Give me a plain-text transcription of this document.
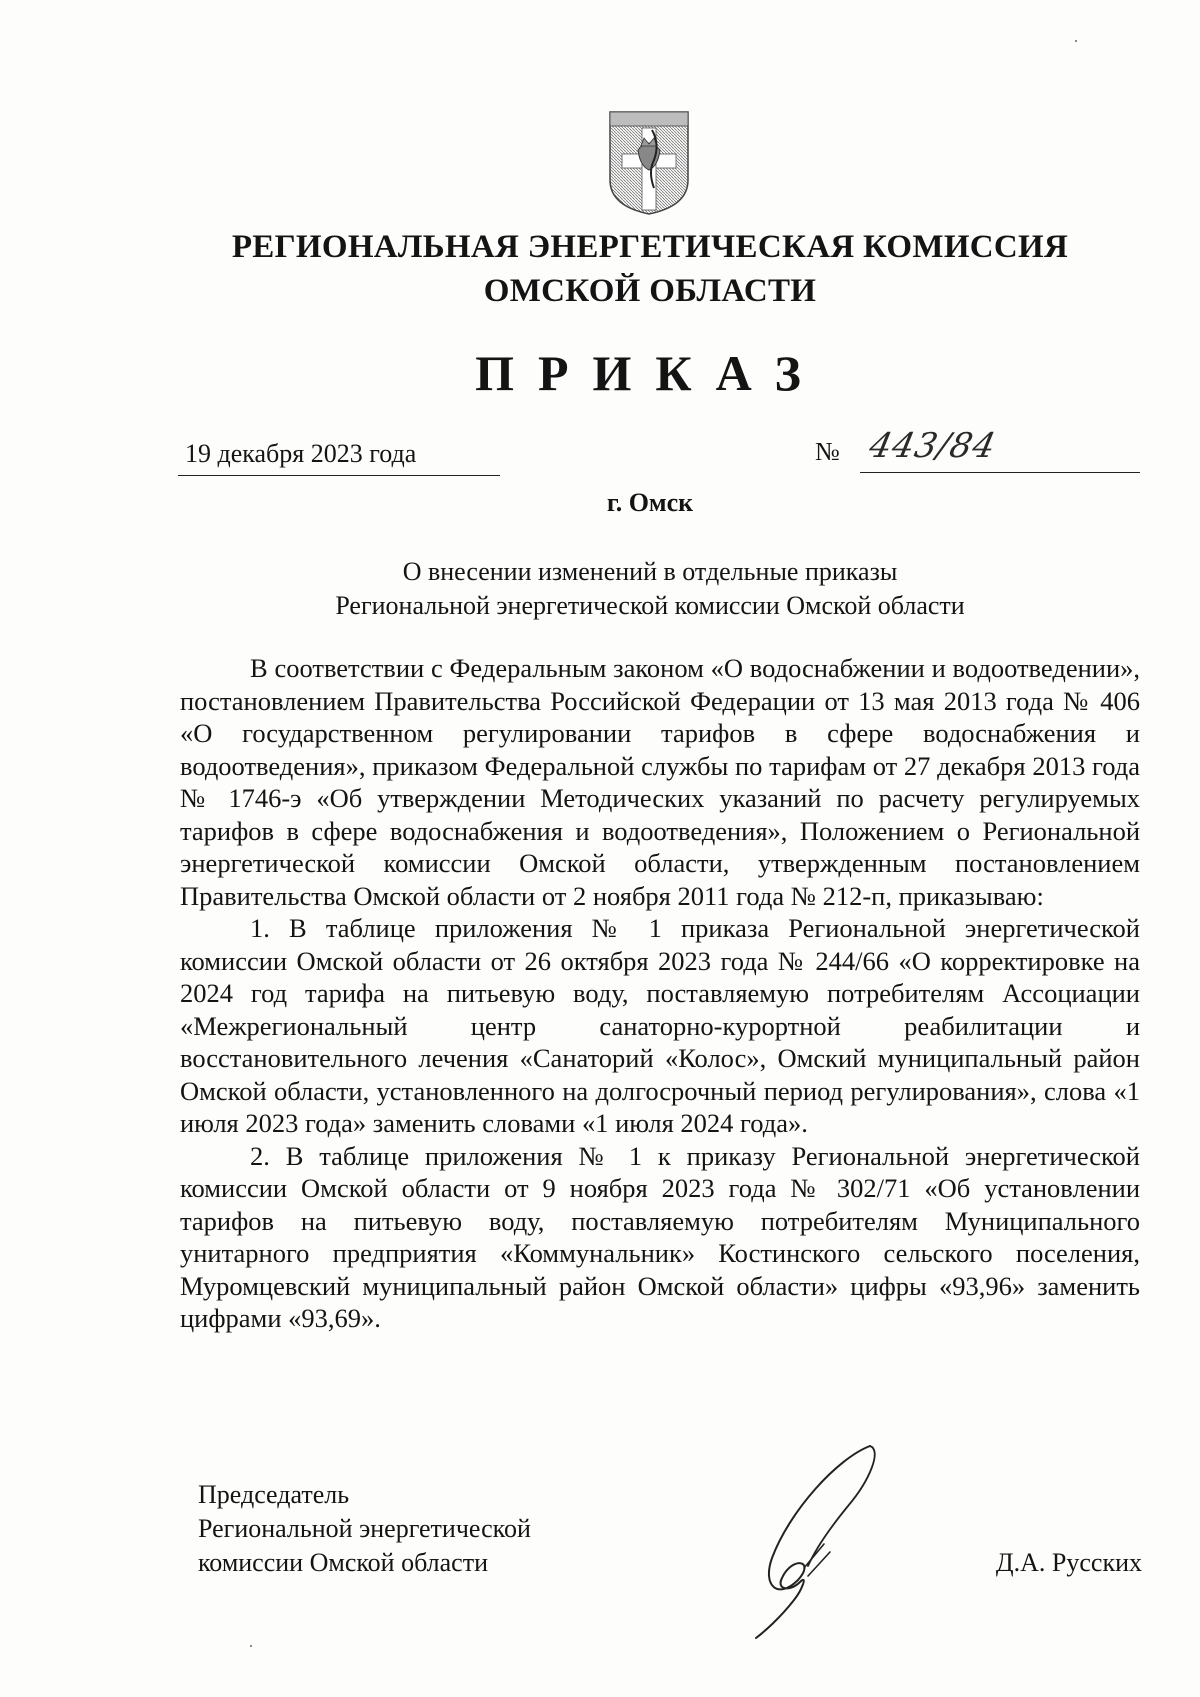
РЕГИОНАЛЬНАЯ ЭНЕРГЕТИЧЕСКАЯ КОМИССИЯ
ОМСКОЙ ОБЛАСТИ
ПРИКАЗ
19 декабря 2023 года	№ 443/84
г. Омск
О внесении изменений в отдельные приказы
Региональной энергетической комиссии Омской области

В соответствии с Федеральным законом «О водоснабжении и водоотведении», постановлением Правительства Российской Федерации от 13 мая 2013 года № 406 «О государственном регулировании тарифов в сфере водоснабжения и водоотведения», приказом Федеральной службы по тарифам от 27 декабря 2013 года № 1746-э «Об утверждении Методических указаний по расчету регулируемых тарифов в сфере водоснабжения и водоотведения», Положением о Региональной энергетической комиссии Омской области, утвержденным постановлением Правительства Омской области от 2 ноября 2011 года № 212-п, приказываю:

1. В таблице приложения № 1 приказа Региональной энергетической комиссии Омской области от 26 октября 2023 года № 244/66 «О корректировке на 2024 год тарифа на питьевую воду, поставляемую потребителям Ассоциации «Межрегиональный центр санаторно-курортной реабилитации и восстановительного лечения «Санаторий «Колос», Омский муниципальный район Омской области, установленного на долгосрочный период регулирования», слова «1 июля 2023 года» заменить словами «1 июля 2024 года».

2. В таблице приложения № 1 к приказу Региональной энергетической комиссии Омской области от 9 ноября 2023 года № 302/71 «Об установлении тарифов на питьевую воду, поставляемую потребителям Муниципального унитарного предприятия «Коммунальник» Костинского сельского поселения, Муромцевский муниципальный район Омской области» цифры «93,96» заменить цифрами «93,69».

Председатель
Региональной энергетической
комиссии Омской области	Д.А. Русских
